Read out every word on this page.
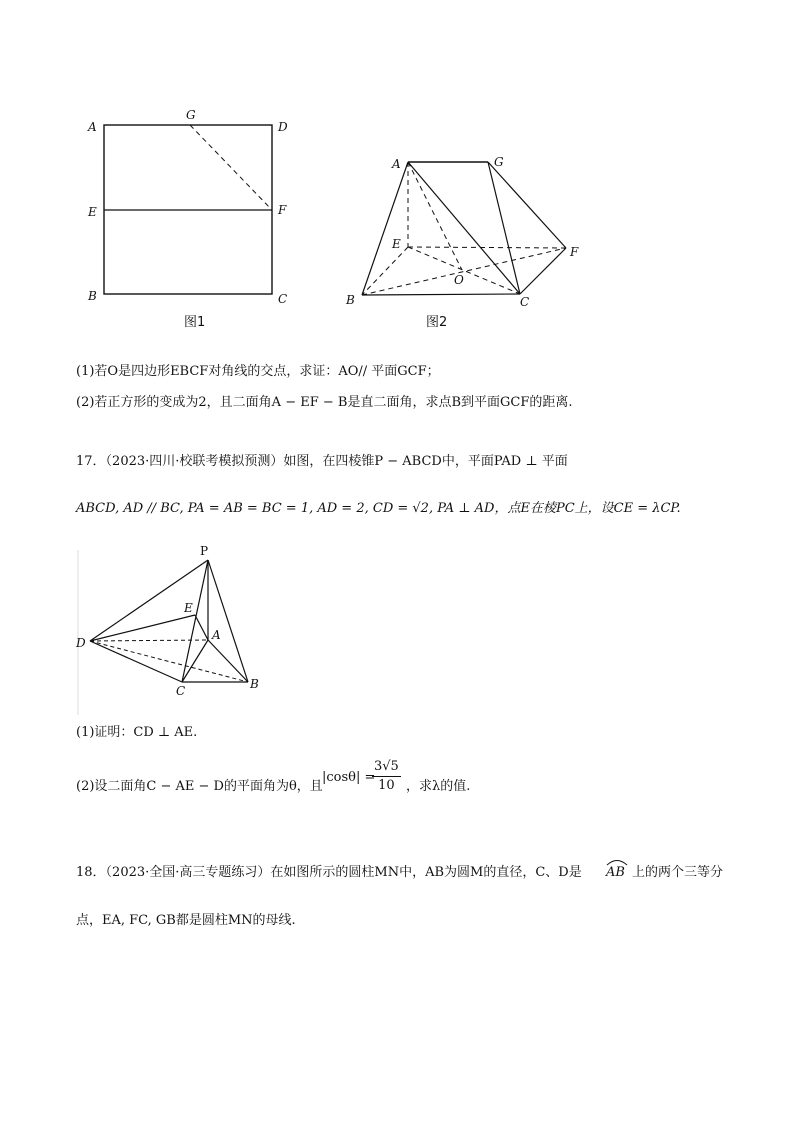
A
G
D
E	F
B	C
图1
A	G
E
F
O
B	C
图2
(1)若O是四边形EBCF对角线的交点，求证：AO// 平面GCF；
(2)若正方形的变成为2，且二面角A − EF − B是直二面角，求点B到平面GCF的距离.
17．（2023·四川·校联考模拟预测）如图，在四棱锥P − ABCD中，平面PAD ⊥ 平面
ABCD, AD // BC, PA = AB = BC = 1, AD = 2, CD = √2, PA ⊥ AD，点E在棱PC上，设CE = λCP.
P
E
D
A
C	B
(1)证明：CD ⊥ AE.
(2)设二面角C − AE − D的平面角为θ，且
|cosθ| =
$\frac{3√5}{10}$ ，求λ的值.
18．（2023·全国·高三专题练习）在如图所示的圆柱MN中，AB为圆M的直径，C、D是 AB 上的两个三等分
点，EA, FC, GB都是圆柱MN的母线.
